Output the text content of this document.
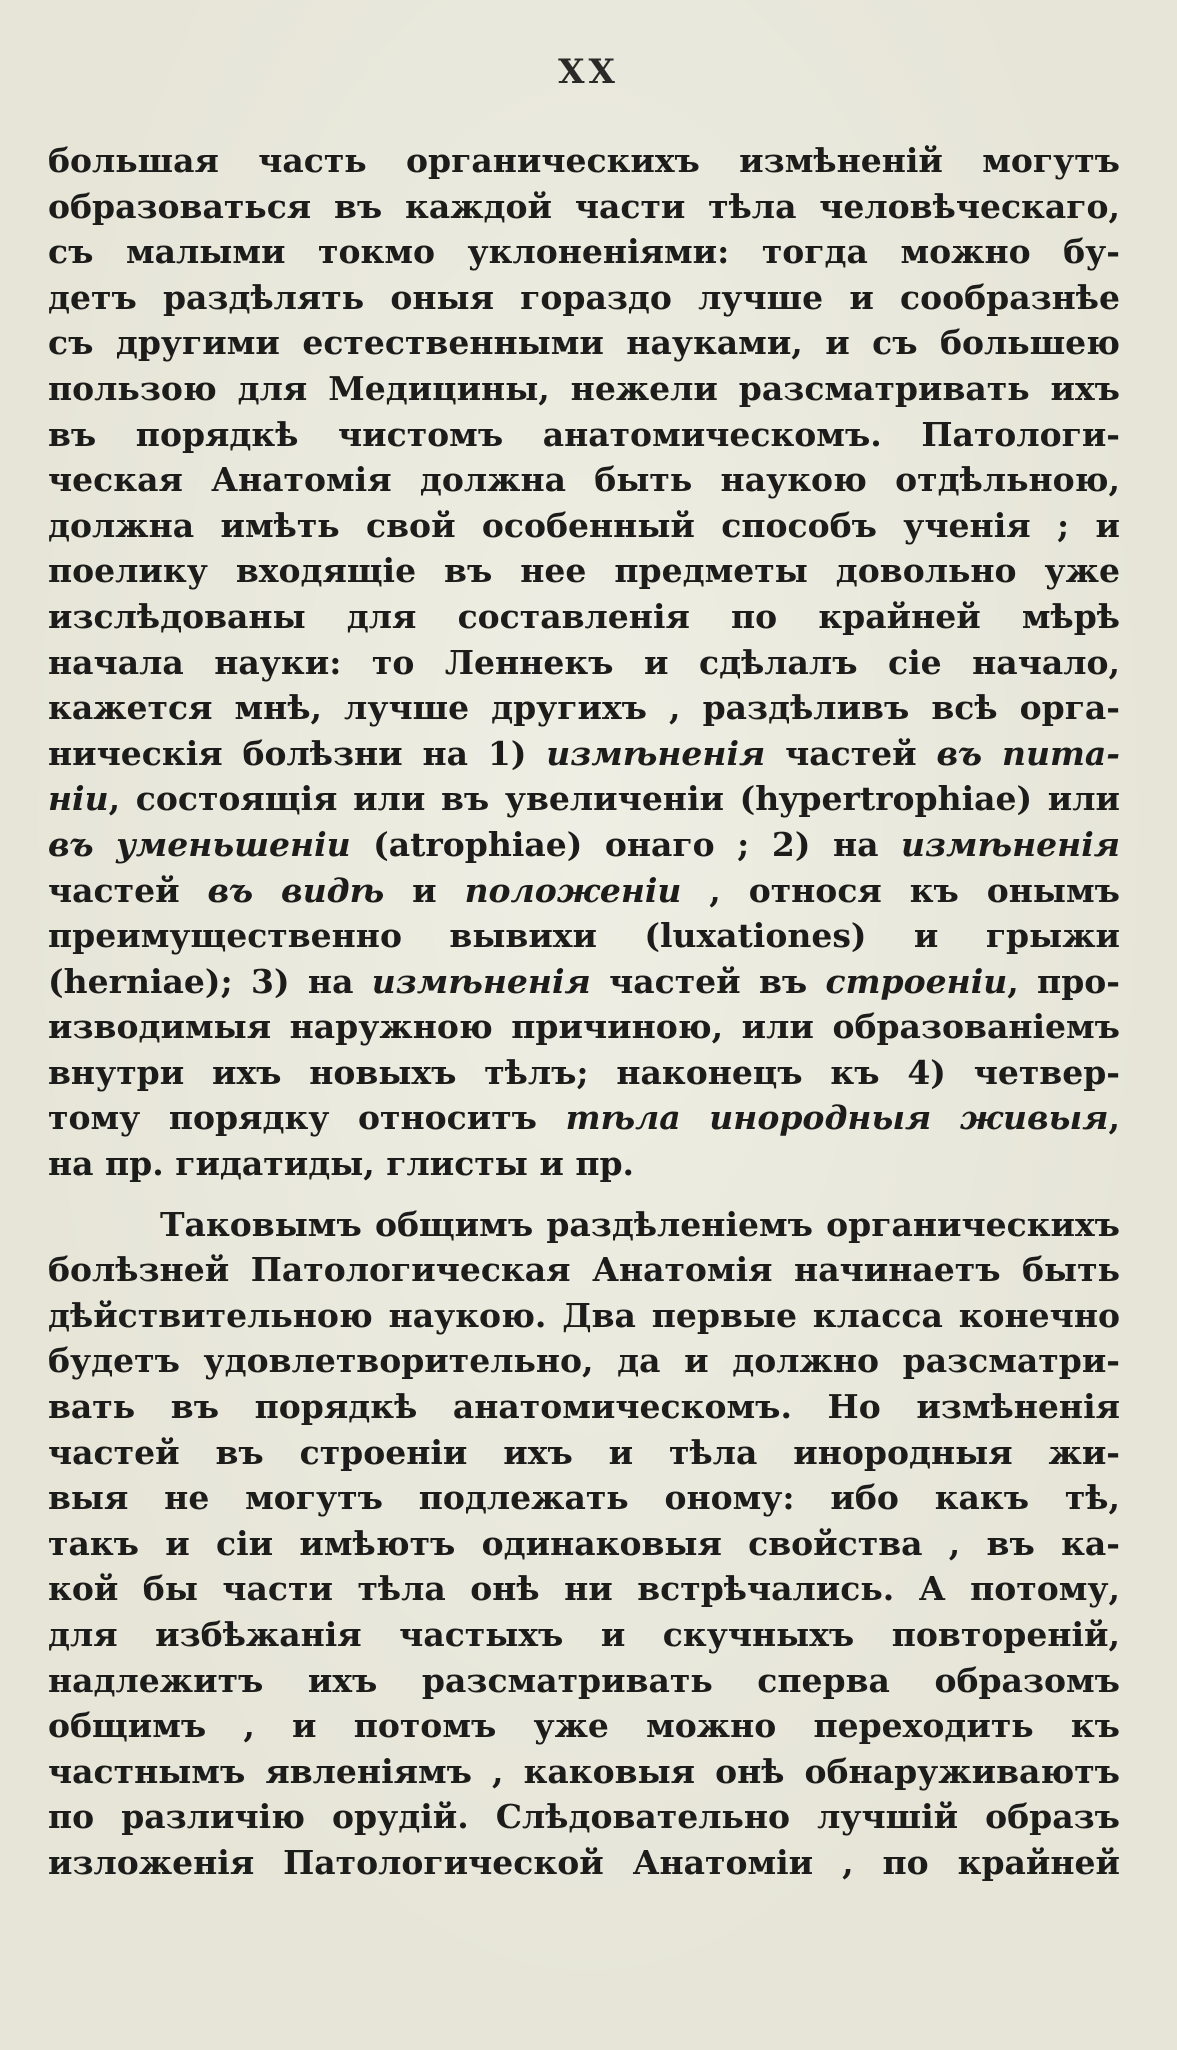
XX
большая часть органическихъ измѣненій могутъ
образоваться въ каждой части тѣла человѣческаго,
съ малыми токмо уклоненіями: тогда можно бу-
детъ раздѣлять оныя гораздо лучше и сообразнѣе
съ другими естественными науками, и съ большею
пользою для Медицины, нежели разсматривать ихъ
въ порядкѣ чистомъ анатомическомъ. Патологи-
ческая Анатомія должна быть наукою отдѣльною,
должна имѣть свой особенный способъ ученія ; и
поелику входящіе въ нее предметы довольно уже
изслѣдованы для составленія по крайней мѣрѣ
начала науки: то Леннекъ и сдѣлалъ сіе начало,
кажется мнѣ, лучше другихъ , раздѣливъ всѣ орга-
ническія болѣзни на 1) измѣненія частей въ пита-
ніи, состоящія или въ увеличеніи (hypertrophiae) или
въ уменьшеніи (atrophiae) онаго ; 2) на измѣненія
частей въ видѣ и положеніи , относя къ онымъ
преимущественно вывихи (luxationes) и грыжи
(herniae); 3) на измѣненія частей въ строеніи, про-
изводимыя наружною причиною, или образованіемъ
внутри ихъ новыхъ тѣлъ; наконецъ къ 4) четвер-
тому порядку относитъ тѣла инородныя живыя,
на пр. гидатиды, глисты и пр.
Таковымъ общимъ раздѣленіемъ органическихъ
болѣзней Патологическая Анатомія начинаетъ быть
дѣйствительною наукою. Два первые класса конечно
будетъ удовлетворительно, да и должно разсматри-
вать въ порядкѣ анатомическомъ. Но измѣненія
частей въ строеніи ихъ и тѣла инородныя жи-
выя не могутъ подлежать оному: ибо какъ тѣ,
такъ и сіи имѣютъ одинаковыя свойства , въ ка-
кой бы части тѣла онѣ ни встрѣчались. А потому,
для избѣжанія частыхъ и скучныхъ повтореній,
надлежитъ ихъ разсматривать сперва образомъ
общимъ , и потомъ уже можно переходить къ
частнымъ явленіямъ , каковыя онѣ обнаруживаютъ
по различію орудій. Слѣдовательно лучшій образъ
изложенія Патологической Анатоміи , по крайней
